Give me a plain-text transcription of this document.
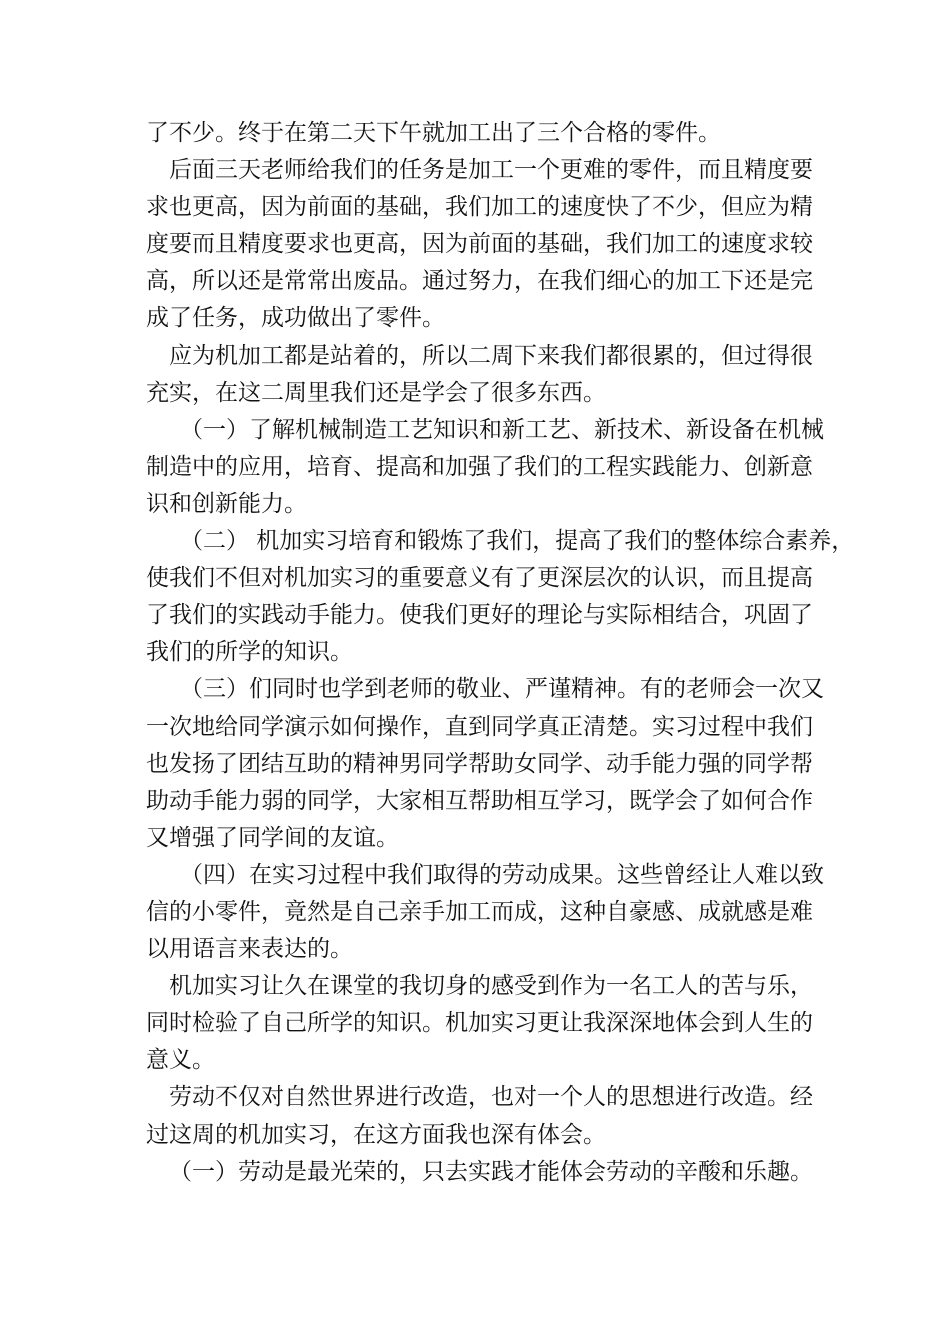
了不少。终于在第二天下午就加工出了三个合格的零件。
后面三天老师给我们的任务是加工一个更难的零件，而且精度要
求也更高，因为前面的基础，我们加工的速度快了不少，但应为精
度要而且精度要求也更高，因为前面的基础，我们加工的速度求较
高，所以还是常常出废品。通过努力，在我们细心的加工下还是完
成了任务，成功做出了零件。
应为机加工都是站着的，所以二周下来我们都很累的，但过得很
充实，在这二周里我们还是学会了很多东西。
（一）了解机械制造工艺知识和新工艺、新技术、新设备在机械
制造中的应用，培育、提高和加强了我们的工程实践能力、创新意
识和创新能力。
（二） 机加实习培育和锻炼了我们，提高了我们的整体综合素养，
使我们不但对机加实习的重要意义有了更深层次的认识，而且提高
了我们的实践动手能力。使我们更好的理论与实际相结合，巩固了
我们的所学的知识。
（三）们同时也学到老师的敬业、严谨精神。有的老师会一次又
一次地给同学演示如何操作，直到同学真正清楚。实习过程中我们
也发扬了团结互助的精神男同学帮助女同学、动手能力强的同学帮
助动手能力弱的同学，大家相互帮助相互学习，既学会了如何合作
又增强了同学间的友谊。
（四）在实习过程中我们取得的劳动成果。这些曾经让人难以致
信的小零件，竟然是自己亲手加工而成，这种自豪感、成就感是难
以用语言来表达的。
机加实习让久在课堂的我切身的感受到作为一名工人的苦与乐，
同时检验了自己所学的知识。机加实习更让我深深地体会到人生的
意义。
劳动不仅对自然世界进行改造，也对一个人的思想进行改造。经
过这周的机加实习，在这方面我也深有体会。
（一）劳动是最光荣的，只去实践才能体会劳动的辛酸和乐趣。
